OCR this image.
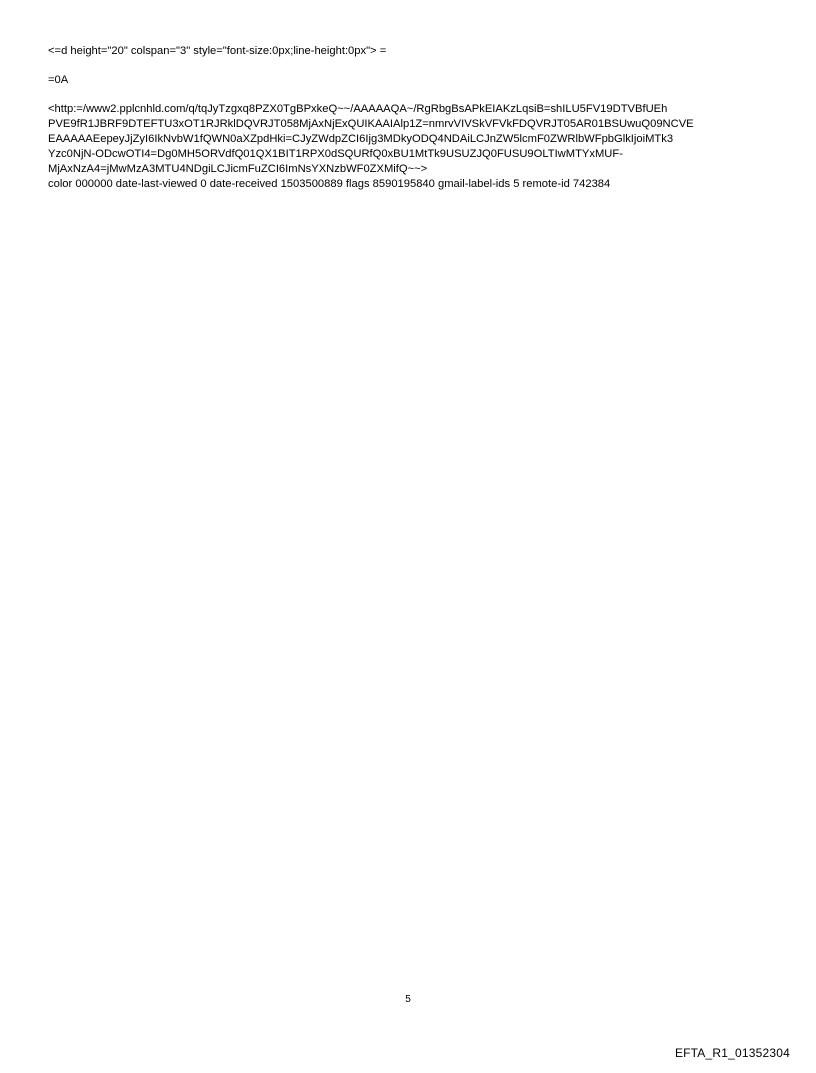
<=d height="20" colspan="3" style="font-size:0px;line-height:0px"> =

=0A

<http:=/www2.pplcnhld.com/q/tqJyTzgxq8PZX0TgBPxkeQ~~/AAAAAQA~/RgRbgBsAPkEIAKzLqsiB=shILU5FV19DTVBfUEh

PVE9fR1JBRF9DTEFTU3xOT1RJRklDQVRJT058MjAxNjExQUIKAAIAlp1Z=nmrvVIVSkVFVkFDQVRJT05AR01BSUwuQ09NCVE

EAAAAAEepeyJjZyI6IkNvbW1fQWN0aXZpdHki=CJyZWdpZCI6Ijg3MDkyODQ4NDAiLCJnZW5lcmF0ZWRlbWFpbGlkIjoiMTk3

Yzc0NjN-ODcwOTI4=Dg0MH5ORVdfQ01QX1BIT1RPX0dSQURfQ0xBU1MtTk9USUZJQ0FUSU9OLTIwMTYxMUF-

MjAxNzA4=jMwMzA3MTU4NDgiLCJicmFuZCI6ImNsYXNzbWF0ZXMifQ~~>

color 000000 date-last-viewed 0 date-received 1503500889 flags 8590195840 gmail-label-ids 5 remote-id 742384

5
EFTA_R1_01352304
